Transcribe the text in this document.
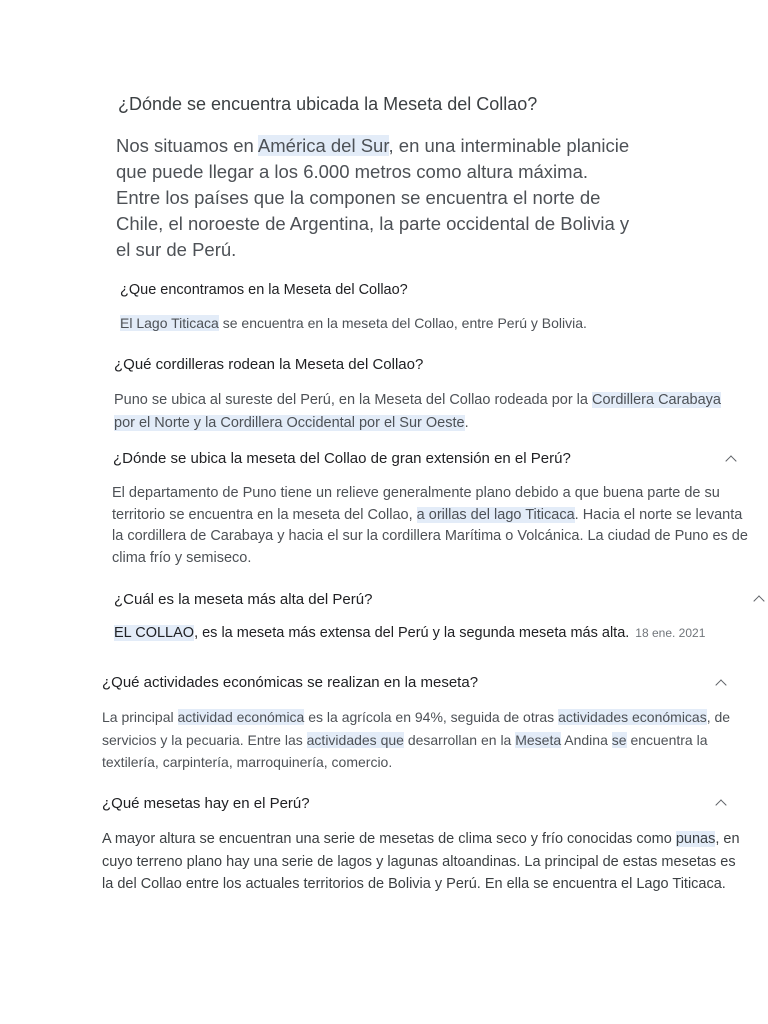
¿Dónde se encuentra ubicada la Meseta del Collao?
Nos situamos en América del Sur, en una interminable planicie que puede llegar a los 6.000 metros como altura máxima. Entre los países que la componen se encuentra el norte de Chile, el noroeste de Argentina, la parte occidental de Bolivia y el sur de Perú.
¿Que encontramos en la Meseta del Collao?
El Lago Titicaca se encuentra en la meseta del Collao, entre Perú y Bolivia.
¿Qué cordilleras rodean la Meseta del Collao?
Puno se ubica al sureste del Perú, en la Meseta del Collao rodeada por la Cordillera Carabaya por el Norte y la Cordillera Occidental por el Sur Oeste.
¿Dónde se ubica la meseta del Collao de gran extensión en el Perú?
El departamento de Puno tiene un relieve generalmente plano debido a que buena parte de su territorio se encuentra en la meseta del Collao, a orillas del lago Titicaca. Hacia el norte se levanta la cordillera de Carabaya y hacia el sur la cordillera Marítima o Volcánica. La ciudad de Puno es de clima frío y semiseco.
¿Cuál es la meseta más alta del Perú?
EL COLLAO, es la meseta más extensa del Perú y la segunda meseta más alta. 18 ene. 2021
¿Qué actividades económicas se realizan en la meseta?
La principal actividad económica es la agrícola en 94%, seguida de otras actividades económicas, de servicios y la pecuaria. Entre las actividades que desarrollan en la Meseta Andina se encuentra la textilería, carpintería, marroquinería, comercio.
¿Qué mesetas hay en el Perú?
A mayor altura se encuentran una serie de mesetas de clima seco y frío conocidas como punas, en cuyo terreno plano hay una serie de lagos y lagunas altoandinas. La principal de estas mesetas es la del Collao entre los actuales territorios de Bolivia y Perú. En ella se encuentra el Lago Titicaca.
